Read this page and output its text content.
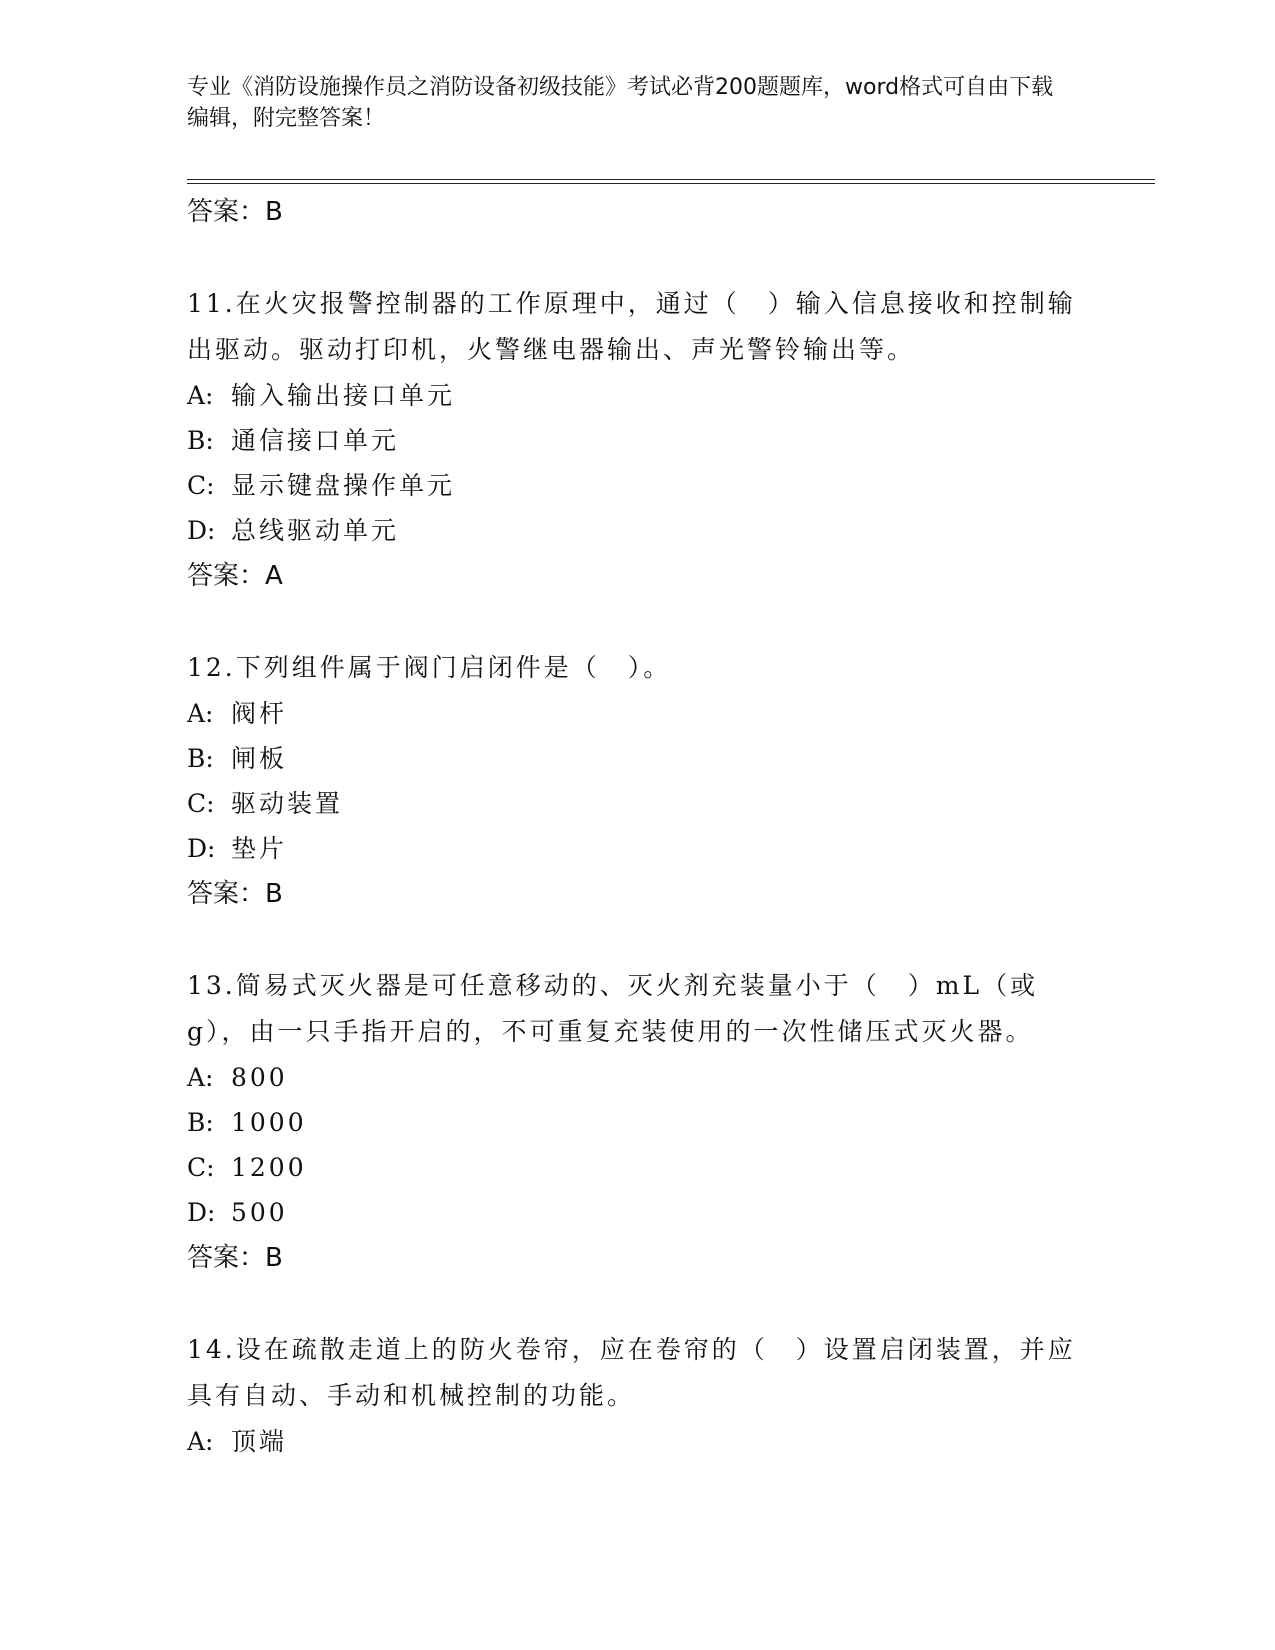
专业《消防设施操作员之消防设备初级技能》考试必背200题题库，word格式可自由下载编辑，附完整答案！
答案：B
11.在火灾报警控制器的工作原理中，通过（　）输入信息接收和控制输出驱动。驱动打印机，火警继电器输出、声光警铃输出等。
A: 输入输出接口单元
B: 通信接口单元
C: 显示键盘操作单元
D: 总线驱动单元
答案：A
12.下列组件属于阀门启闭件是（　）。
A: 阀杆
B: 闸板
C: 驱动装置
D: 垫片
答案：B
13.简易式灭火器是可任意移动的、灭火剂充装量小于（　）mL（或g），由一只手指开启的，不可重复充装使用的一次性储压式灭火器。
A: 800
B: 1000
C: 1200
D: 500
答案：B
14.设在疏散走道上的防火卷帘，应在卷帘的（　）设置启闭装置，并应具有自动、手动和机械控制的功能。
A: 顶端
